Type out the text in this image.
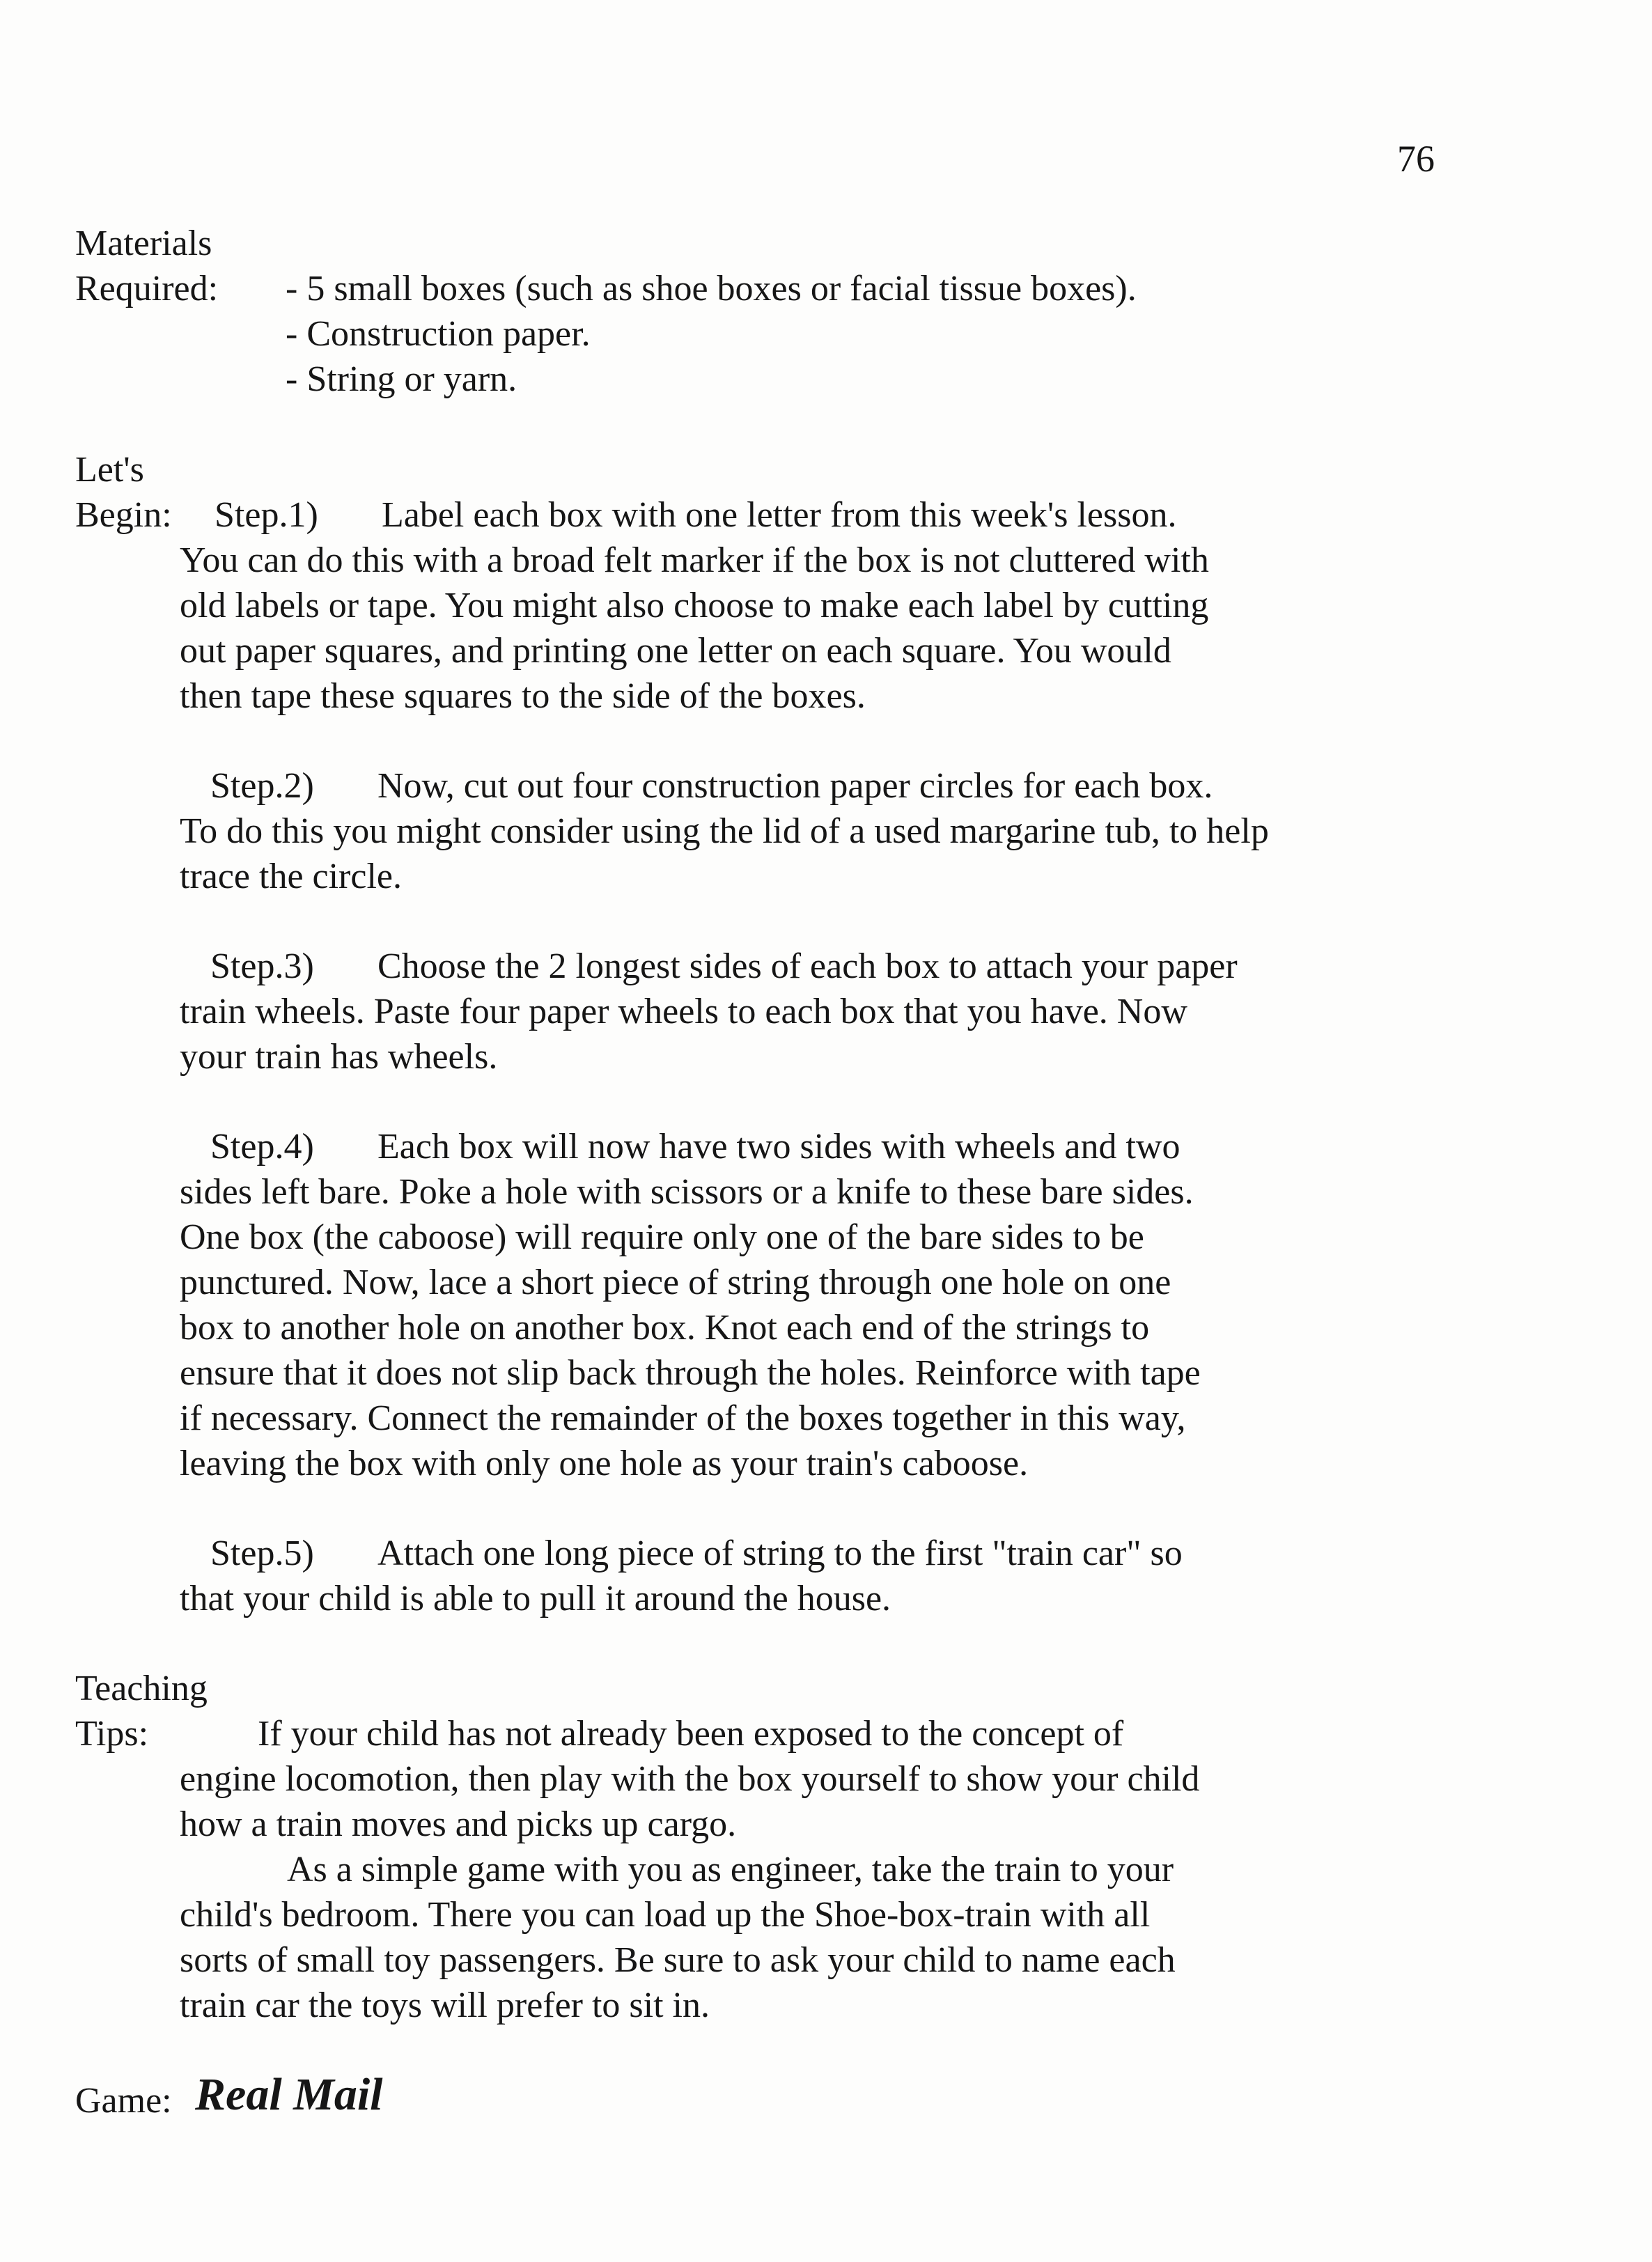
76
Materials
Required: - 5 small boxes (such as shoe boxes or facial tissue boxes).
- Construction paper.
- String or yarn.
Let's
Begin: Step.1) Label each box with one letter from this week's lesson.
You can do this with a broad felt marker if the box is not cluttered with
old labels or tape. You might also choose to make each label by cutting
out paper squares, and printing one letter on each square. You would
then tape these squares to the side of the boxes.
Step.2) Now, cut out four construction paper circles for each box.
To do this you might consider using the lid of a used margarine tub, to help
trace the circle.
Step.3) Choose the 2 longest sides of each box to attach your paper
train wheels. Paste four paper wheels to each box that you have. Now
your train has wheels.
Step.4) Each box will now have two sides with wheels and two
sides left bare. Poke a hole with scissors or a knife to these bare sides.
One box (the caboose) will require only one of the bare sides to be
punctured. Now, lace a short piece of string through one hole on one
box to another hole on another box. Knot each end of the strings to
ensure that it does not slip back through the holes. Reinforce with tape
if necessary. Connect the remainder of the boxes together in this way,
leaving the box with only one hole as your train's caboose.
Step.5) Attach one long piece of string to the first "train car" so
that your child is able to pull it around the house.
Teaching
Tips:	If your child has not already been exposed to the concept of
engine locomotion, then play with the box yourself to show your child
how a train moves and picks up cargo.
As a simple game with you as engineer, take the train to your
child's bedroom. There you can load up the Shoe-box-train with all
sorts of small toy passengers. Be sure to ask your child to name each
train car the toys will prefer to sit in.
Game: Real Mail
